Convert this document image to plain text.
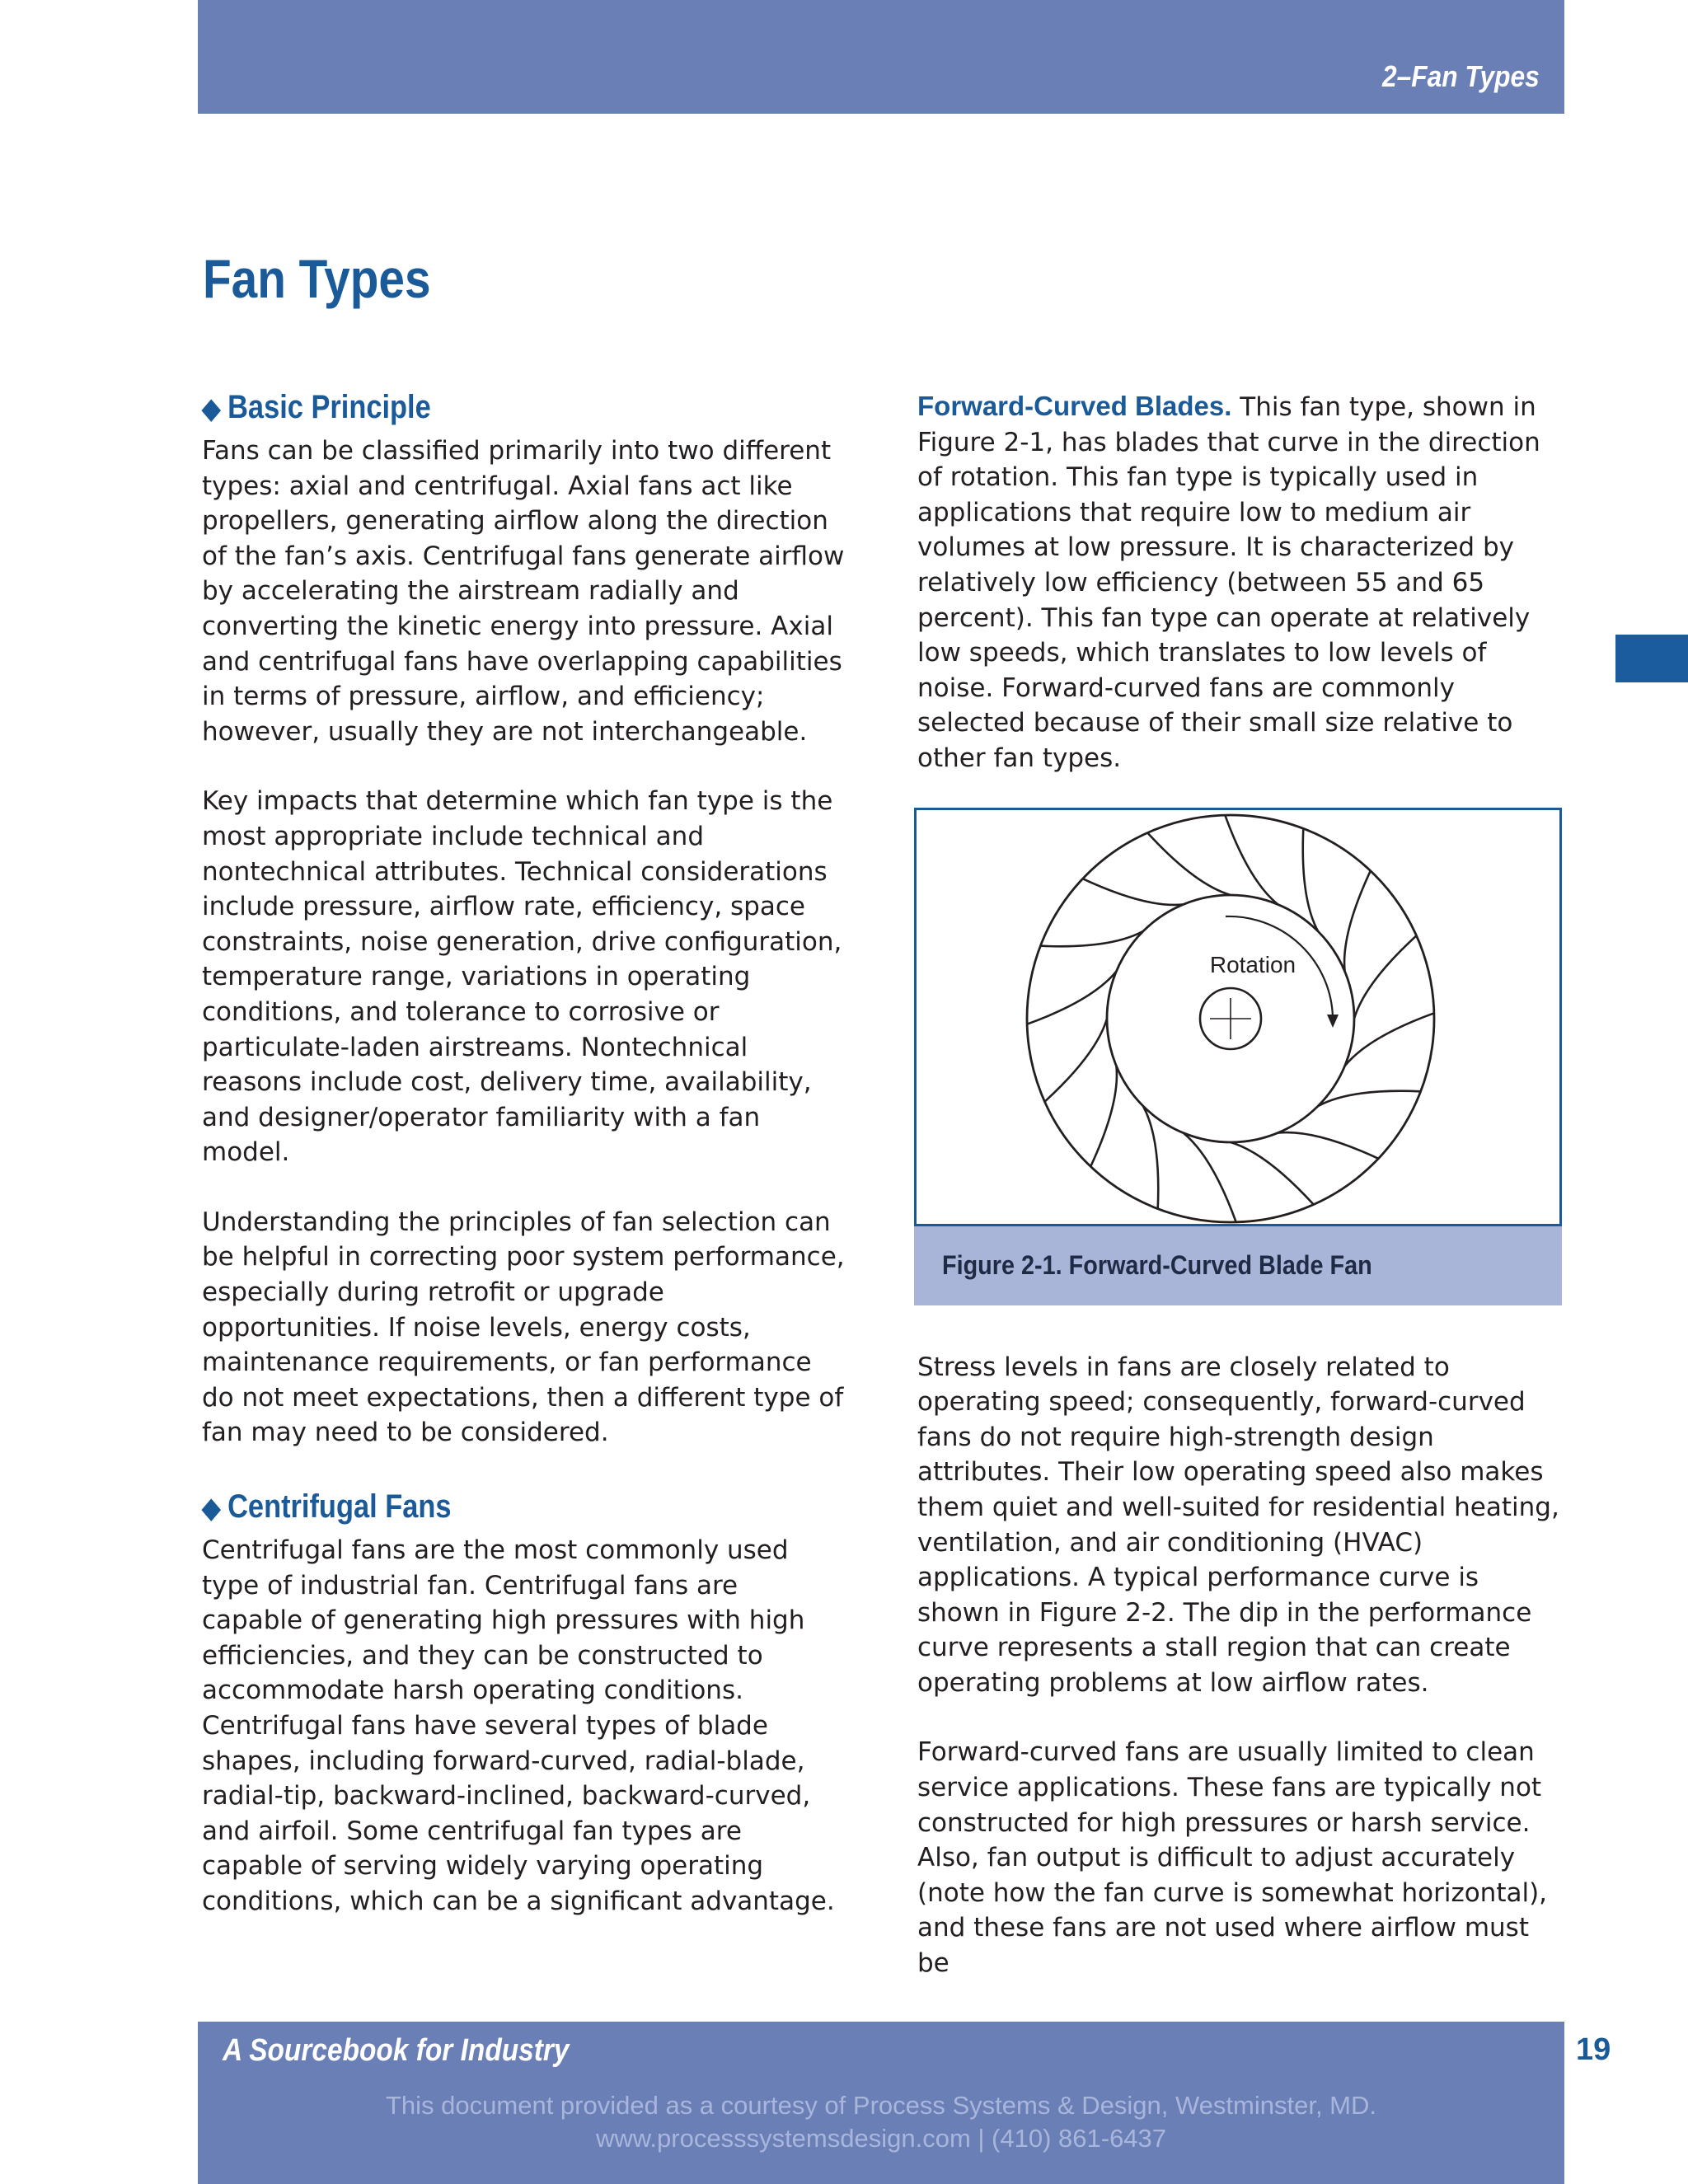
2–Fan Types
Fan Types
◆ Basic Principle

Fans can be classified primarily into two different types: axial and centrifugal. Axial fans act like propellers, generating airflow along the direction of the fan’s axis. Centrifugal fans generate airflow by accelerating the airstream radially and converting the kinetic energy into pressure. Axial and centrifugal fans have overlapping capabilities in terms of pressure, airflow, and efficiency; however, usually they are not interchangeable.

Key impacts that determine which fan type is the most appropriate include technical and nontechnical attributes. Technical considerations include pressure, airflow rate, efficiency, space constraints, noise generation, drive configuration, temperature range, variations in operating conditions, and tolerance to corrosive or particulate-laden airstreams. Nontechnical reasons include cost, delivery time, availability, and designer/operator familiarity with a fan model.

Understanding the principles of fan selection can be helpful in correcting poor system performance, especially during retrofit or upgrade opportunities. If noise levels, energy costs, maintenance requirements, or fan performance do not meet expectations, then a different type of fan may need to be considered.

◆ Centrifugal Fans

Centrifugal fans are the most commonly used type of industrial fan. Centrifugal fans are capable of generating high pressures with high efficiencies, and they can be constructed to accommodate harsh operating conditions. Centrifugal fans have several types of blade shapes, including forward-curved, radial-blade, radial-tip, backward-inclined, backward-curved, and airfoil. Some centrifugal fan types are capable of serving widely varying operating conditions, which can be a significant advantage.

Forward-Curved Blades. This fan type, shown in Figure 2-1, has blades that curve in the direction of rotation. This fan type is typically used in applications that require low to medium air volumes at low pressure. It is characterized by relatively low efficiency (between 55 and 65 percent). This fan type can operate at relatively low speeds, which translates to low levels of noise. Forward-curved fans are commonly selected because of their small size relative to other fan types.

Rotation
Figure 2-1. Forward-Curved Blade Fan

Stress levels in fans are closely related to operating speed; consequently, forward-curved fans do not require high-strength design attributes. Their low operating speed also makes them quiet and well-suited for residential heating, ventilation, and air conditioning (HVAC) applications. A typical performance curve is shown in Figure 2-2. The dip in the performance curve represents a stall region that can create operating problems at low airflow rates.

Forward-curved fans are usually limited to clean service applications. These fans are typically not constructed for high pressures or harsh service. Also, fan output is difficult to adjust accurately (note how the fan curve is somewhat horizontal), and these fans are not used where airflow must be

A Sourcebook for Industry
This document provided as a courtesy of Process Systems & Design, Westminster, MD.
www.processsystemsdesign.com | (410) 861-6437
19
